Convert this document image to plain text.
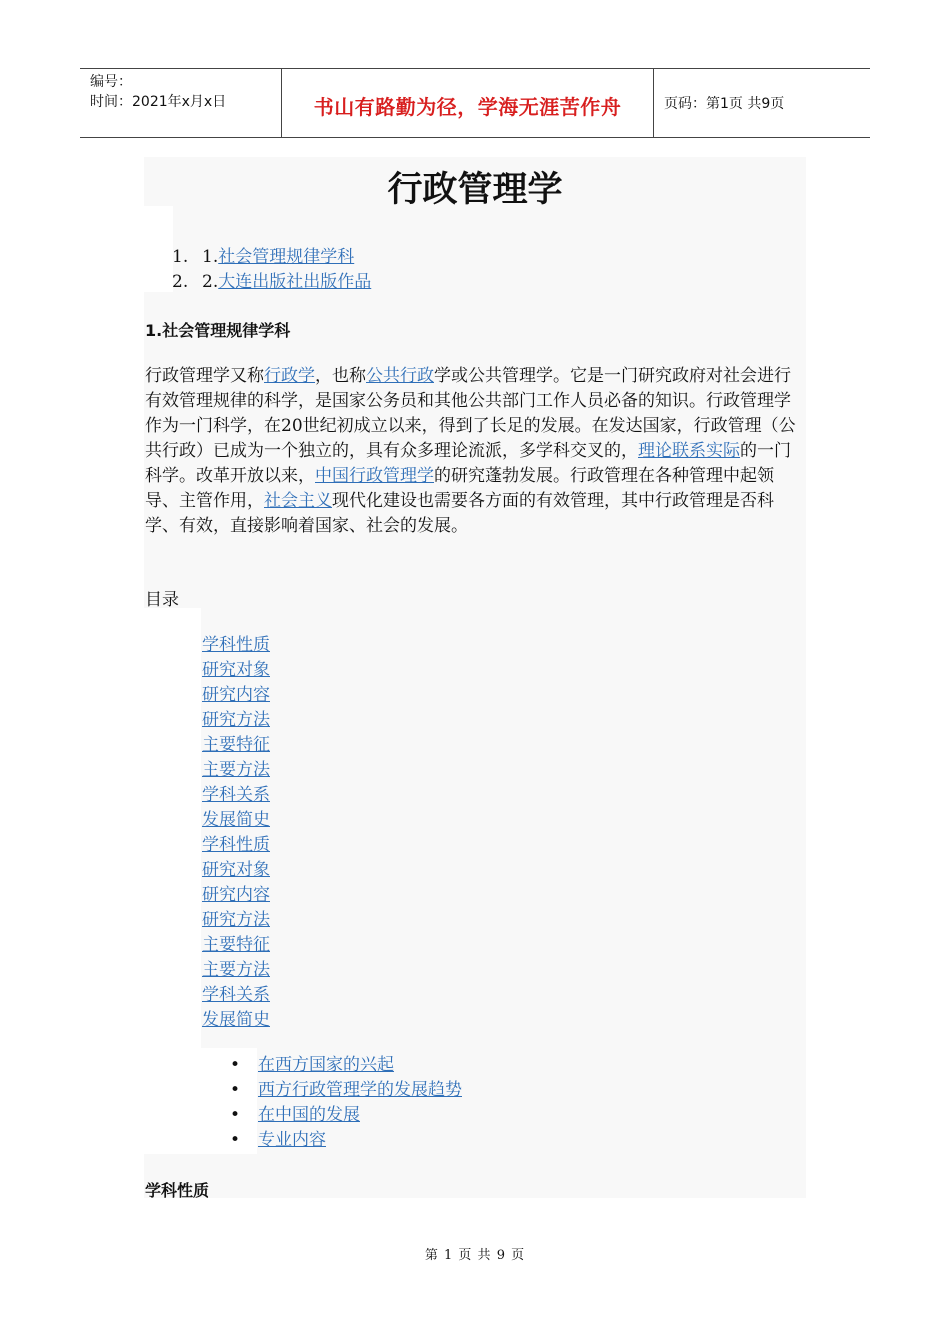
编号：
时间：2021年x月x日	书山有路勤为径，学海无涯苦作舟	页码：第1页 共9页
行政管理学
1. 1.社会管理规律学科
2. 2.大连出版社出版作品
1.社会管理规律学科

行政管理学又称行政学，也称公共行政学或公共管理学。它是一门研究政府对社会进行有效管理规律的科学，是国家公务员和其他公共部门工作人员必备的知识。行政管理学作为一门科学，在20世纪初成立以来，得到了长足的发展。在发达国家，行政管理（公共行政）已成为一个独立的，具有众多理论流派，多学科交叉的，理论联系实际的一门科学。改革开放以来，中国行政管理学的研究蓬勃发展。行政管理在各种管理中起领导、主管作用，社会主义现代化建设也需要各方面的有效管理，其中行政管理是否科学、有效，直接影响着国家、社会的发展。

目录
学科性质
研究对象
研究内容
研究方法
主要特征
主要方法
学科关系
发展简史
学科性质
研究对象
研究内容
研究方法
主要特征
主要方法
学科关系
发展简史
• 在西方国家的兴起
• 西方行政管理学的发展趋势
• 在中国的发展
• 专业内容
学科性质
第 1 页 共 9 页
